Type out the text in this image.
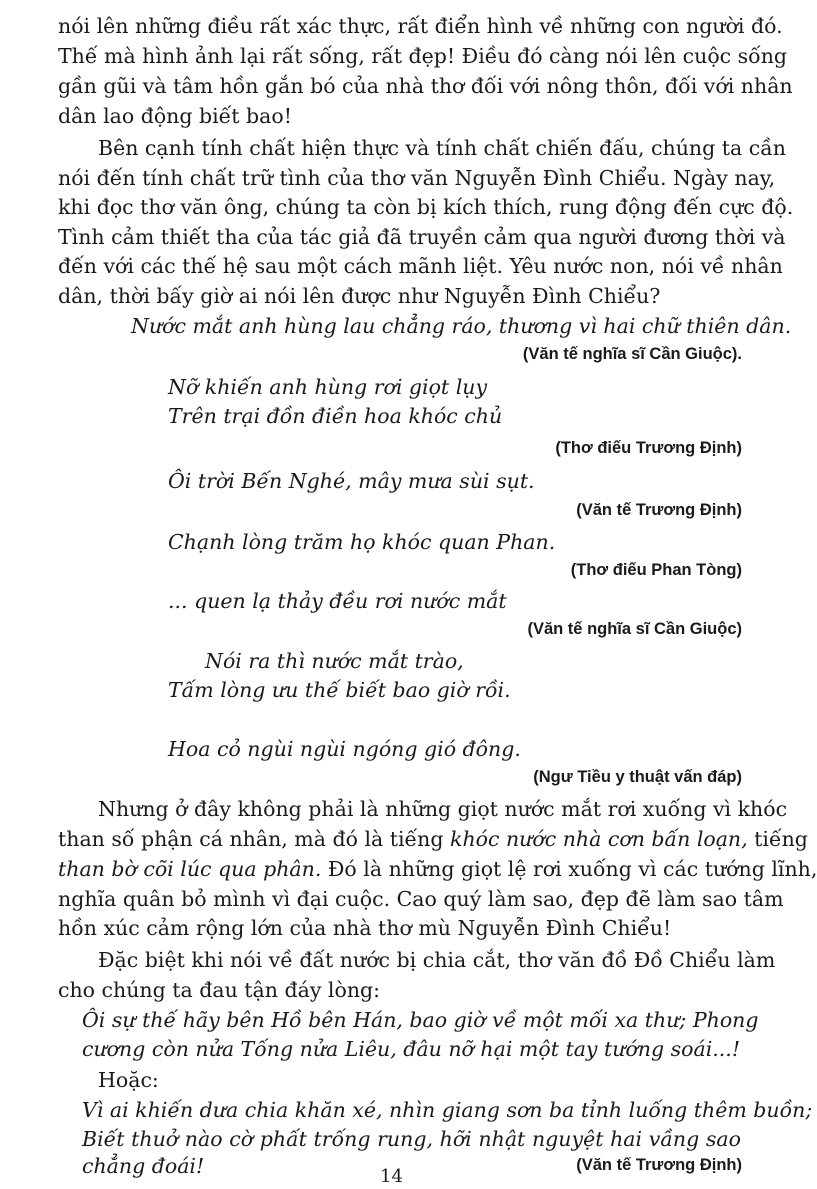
nói lên những điều rất xác thực, rất điển hình về những con người đó.
Thế mà hình ảnh lại rất sống, rất đẹp! Điều đó càng nói lên cuộc sống
gần gũi và tâm hồn gắn bó của nhà thơ đối với nông thôn, đối với nhân
dân lao động biết bao!
Bên cạnh tính chất hiện thực và tính chất chiến đấu, chúng ta cần
nói đến tính chất trữ tình của thơ văn Nguyễn Đình Chiểu. Ngày nay,
khi đọc thơ văn ông, chúng ta còn bị kích thích, rung động đến cực độ.
Tình cảm thiết tha của tác giả đã truyền cảm qua người đương thời và
đến với các thế hệ sau một cách mãnh liệt. Yêu nước non, nói về nhân
dân, thời bấy giờ ai nói lên được như Nguyễn Đình Chiểu?
Nước mắt anh hùng lau chẳng ráo, thương vì hai chữ thiên dân.
(Văn tế nghĩa sĩ Cần Giuộc).
Nỡ khiến anh hùng rơi giọt lụy
Trên trại đồn điền hoa khóc chủ
(Thơ điếu Trương Định)
Ôi trời Bến Nghé, mây mưa sùi sụt.
(Văn tế Trương Định)
Chạnh lòng trăm họ khóc quan Phan.
(Thơ điếu Phan Tòng)
... quen lạ thảy đều rơi nước mắt
(Văn tế nghĩa sĩ Cần Giuộc)
Nói ra thì nước mắt trào,
Tấm lòng ưu thế biết bao giờ rồi.
Hoa cỏ ngùi ngùi ngóng gió đông.
(Ngư Tiều y thuật vấn đáp)
Nhưng ở đây không phải là những giọt nước mắt rơi xuống vì khóc
than số phận cá nhân, mà đó là tiếng khóc nước nhà cơn bấn loạn, tiếng
than bờ cõi lúc qua phân. Đó là những giọt lệ rơi xuống vì các tướng lĩnh,
nghĩa quân bỏ mình vì đại cuộc. Cao quý làm sao, đẹp đẽ làm sao tâm
hồn xúc cảm rộng lớn của nhà thơ mù Nguyễn Đình Chiểu!
Đặc biệt khi nói về đất nước bị chia cắt, thơ văn đồ Đồ Chiểu làm
cho chúng ta đau tận đáy lòng:
Ôi sự thế hãy bên Hồ bên Hán, bao giờ về một mối xa thư; Phong
cương còn nửa Tống nửa Liêu, đâu nỡ hại một tay tướng soái...!
Hoặc:
Vì ai khiến dưa chia khăn xé, nhìn giang sơn ba tỉnh luống thêm buồn;
Biết thuở nào cờ phất trống rung, hỡi nhật nguyệt hai vầng sao
chẳng đoái!	(Văn tế Trương Định)
14
